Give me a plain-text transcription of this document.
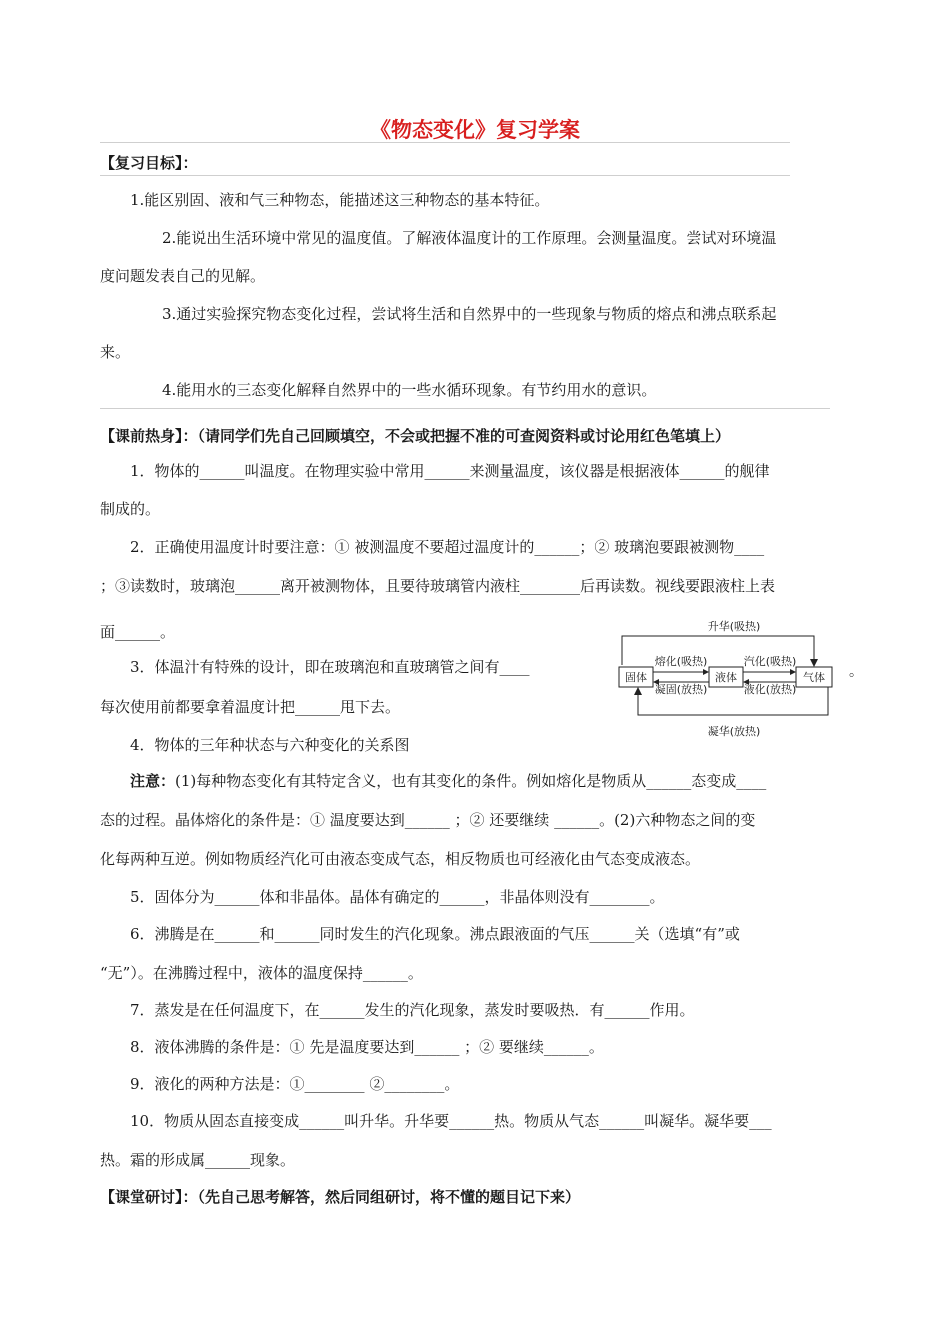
《物态变化》复习学案
【复习目标】：
1.能区别固、液和气三种物态，能描述这三种物态的基本特征。
2.能说出生活环境中常见的温度值。了解液体温度计的工作原理。会测量温度。尝试对环境温
度问题发表自己的见解。
3.通过实验探究物态变化过程，尝试将生活和自然界中的一些现象与物质的熔点和沸点联系起
来。
4.能用水的三态变化解释自然界中的一些水循环现象。有节约用水的意识。
【课前热身】：（请同学们先自己回顾填空，不会或把握不准的可查阅资料或讨论用红色笔填上）
1．物体的______叫温度。在物理实验中常用______来测量温度，该仪器是根据液体______的舰律
制成的。
2．正确使用温度计时要注意：① 被测温度不要超过温度计的______；② 玻璃泡要跟被测物____
；③读数时，玻璃泡______离开被测物体，且要待玻璃管内液柱________后再读数。视线要跟液柱上表
面______。
3．体温汁有特殊的设计，即在玻璃泡和直玻璃管之间有____
每次使用前都要拿着温度计把______甩下去。
4．物体的三年种状态与六种变化的关系图
。
升华(吸热)
固体	液体	气体
熔化(吸热)
凝固(放热)
汽化(吸热)
液化(放热)
凝华(放热)
注意：(1)每种物态变化有其特定含义，也有其变化的条件。例如熔化是物质从______态变成____
态的过程。晶体熔化的条件是：① 温度要达到______ ；② 还要继续 ______。(2)六种物态之间的变
化每两种互逆。例如物质经汽化可由液态变成气态，相反物质也可经液化由气态变成液态。
5．固体分为______体和非晶体。晶体有确定的______，非晶体则没有________。
6．沸腾是在______和______同时发生的汽化现象。沸点跟液面的气压______关（选填“有”或
“无”）。在沸腾过程中，液体的温度保持______。
7．蒸发是在任何温度下，在______发生的汽化现象，蒸发时要吸热．有______作用。
8．液体沸腾的条件是：① 先是温度要达到______ ；② 要继续______。
9．液化的两种方法是：①________ ②________。
10．物质从固态直接变成______叫升华。升华要______热。物质从气态______叫凝华。凝华要___
热。霜的形成属______现象。
【课堂研讨】：（先自己思考解答，然后同组研讨，将不懂的题目记下来）
